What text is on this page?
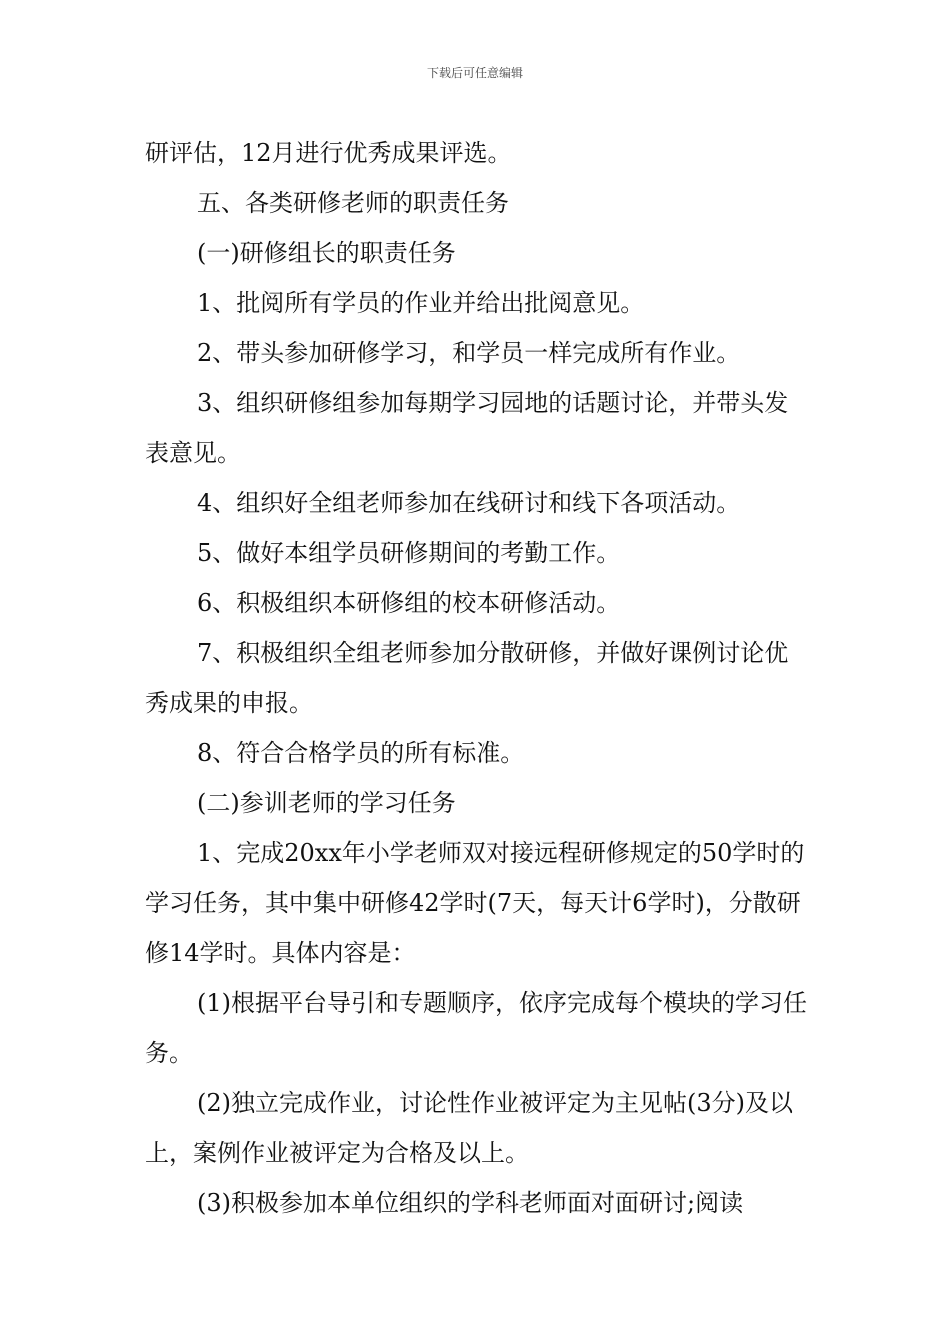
下载后可任意编辑

研评估，12月进行优秀成果评选。

五、各类研修老师的职责任务

(一)研修组长的职责任务

1、批阅所有学员的作业并给出批阅意见。

2、带头参加研修学习，和学员一样完成所有作业。

3、组织研修组参加每期学习园地的话题讨论，并带头发表意见。

4、组织好全组老师参加在线研讨和线下各项活动。

5、做好本组学员研修期间的考勤工作。

6、积极组织本研修组的校本研修活动。

7、积极组织全组老师参加分散研修，并做好课例讨论优秀成果的申报。

8、符合合格学员的所有标准。

(二)参训老师的学习任务

1、完成20xx年小学老师双对接远程研修规定的50学时的学习任务，其中集中研修42学时(7天，每天计6学时)，分散研修14学时。具体内容是：

(1)根据平台导引和专题顺序，依序完成每个模块的学习任务。

(2)独立完成作业，讨论性作业被评定为主见帖(3分)及以上，案例作业被评定为合格及以上。

(3)积极参加本单位组织的学科老师面对面研讨;阅读
